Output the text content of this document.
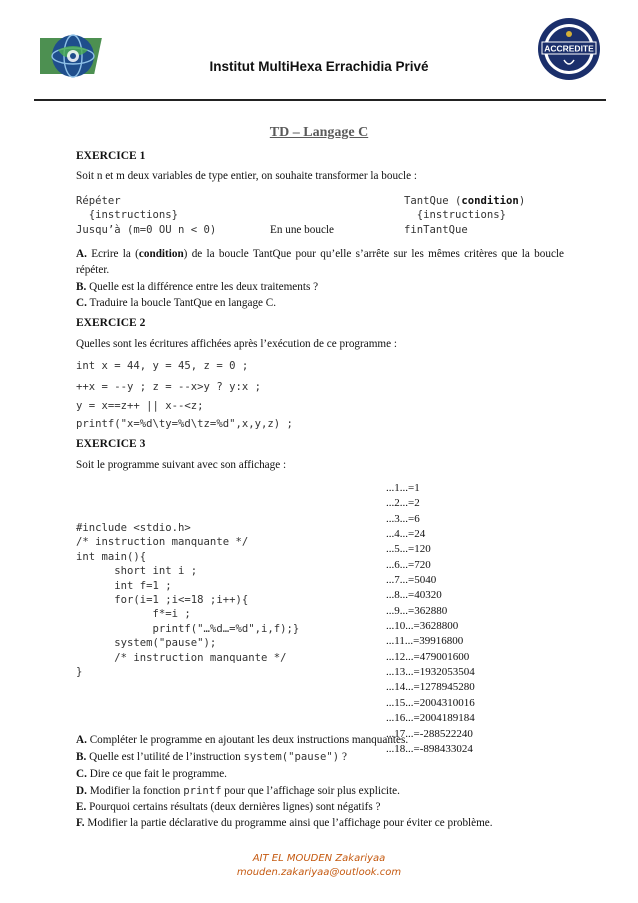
ACCREDITE
Institut MultiHexa Errachidia Privé
TD – Langage C
EXERCICE 1
Soit n et m deux variables de type entier, on souhaite transformer la boucle :
Répéter
{instructions}
Jusqu’à (m=0 OU n < 0)	En une boucle
TantQue (condition)
{instructions}
finTantQue
A. Ecrire la (condition) de la boucle TantQue pour qu’elle s’arrête sur les mêmes critères que la boucle répéter.
B. Quelle est la différence entre les deux traitements ?
C. Traduire la boucle TantQue en langage C.
EXERCICE 2
Quelles sont les écritures affichées après l’exécution de ce programme :
int x = 44, y = 45, z = 0 ;
++x = --y ; z = --x>y ? y:x ;
y = x==z++ || x--<z;
printf("x=%d\ty=%d\tz=%d",x,y,z) ;
EXERCICE 3
Soit le programme suivant avec son affichage :
#include <stdio.h>
/* instruction manquante */
int main(){
short int i ;
int f=1 ;
for(i=1 ;i<=18 ;i++){
f*=i ;
printf("…%d…=%d",i,f);}
system("pause");
/* instruction manquante */
}
...1...=1
...2...=2
...3...=6
...4...=24
...5...=120
...6...=720
...7...=5040
...8...=40320
...9...=362880
...10...=3628800
...11...=39916800
...12...=479001600
...13...=1932053504
...14...=1278945280
...15...=2004310016
...16...=2004189184
...17...=-288522240
...18...=-898433024
A. Compléter le programme en ajoutant les deux instructions manquantes.
B. Quelle est l’utilité de l’instruction system("pause") ?
C. Dire ce que fait le programme.
D. Modifier la fonction printf pour que l’affichage soir plus explicite.
E. Pourquoi certains résultats (deux dernières lignes) sont négatifs ?
F. Modifier la partie déclarative du programme ainsi que l’affichage pour éviter ce problème.
AIT EL MOUDEN Zakariyaa
mouden.zakariyaa@outlook.com
